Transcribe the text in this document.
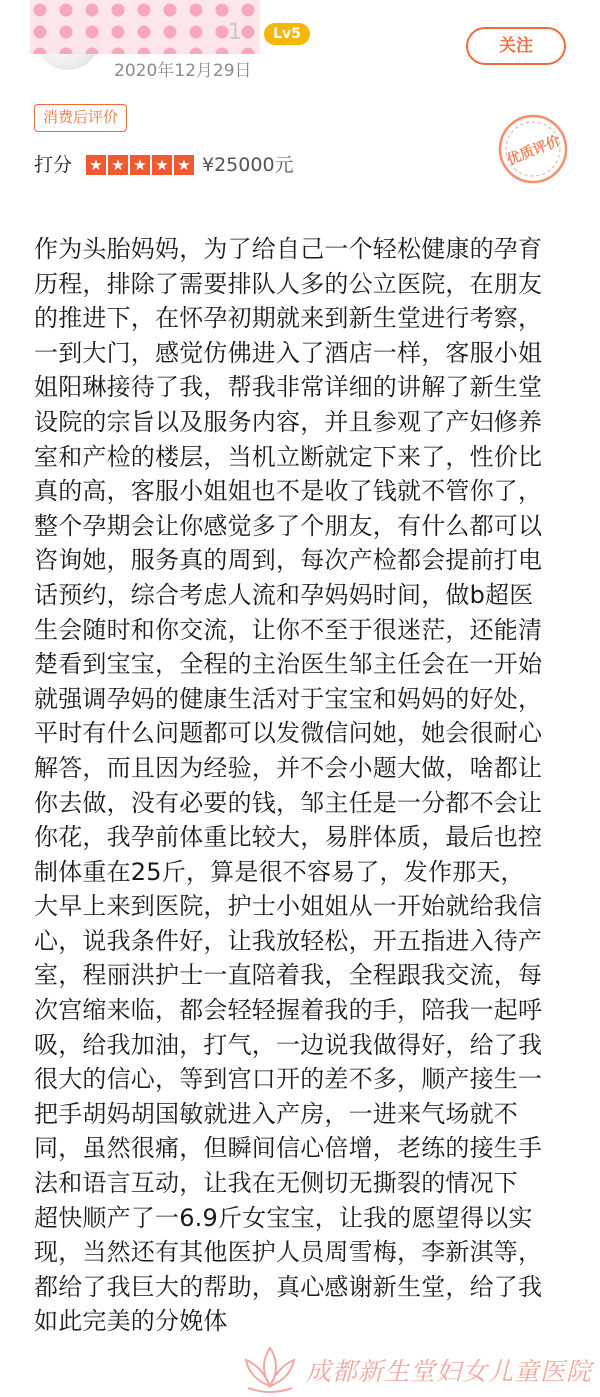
1	Lv5
2020年12月29日
关注
消费后评价
优质评价
打分 ★ ★ ★ ★ ★ ¥25000元
作为头胎妈妈，为了给自己一个轻松健康的孕育
历程，排除了需要排队人多的公立医院，在朋友
的推进下，在怀孕初期就来到新生堂进行考察，
一到大门，感觉仿佛进入了酒店一样，客服小姐
姐阳琳接待了我，帮我非常详细的讲解了新生堂
设院的宗旨以及服务内容，并且参观了产妇修养
室和产检的楼层，当机立断就定下来了，性价比
真的高，客服小姐姐也不是收了钱就不管你了，
整个孕期会让你感觉多了个朋友，有什么都可以
咨询她，服务真的周到，每次产检都会提前打电
话预约，综合考虑人流和孕妈妈时间，做b超医
生会随时和你交流，让你不至于很迷茫，还能清
楚看到宝宝，全程的主治医生邹主任会在一开始
就强调孕妈的健康生活对于宝宝和妈妈的好处，
平时有什么问题都可以发微信问她，她会很耐心
解答，而且因为经验，并不会小题大做，啥都让
你去做，没有必要的钱，邹主任是一分都不会让
你花，我孕前体重比较大，易胖体质，最后也控
制体重在25斤，算是很不容易了，发作那天，
大早上来到医院，护士小姐姐从一开始就给我信
心，说我条件好，让我放轻松，开五指进入待产
室，程丽洪护士一直陪着我，全程跟我交流，每
次宫缩来临，都会轻轻握着我的手，陪我一起呼
吸，给我加油，打气，一边说我做得好，给了我
很大的信心，等到宫口开的差不多，顺产接生一
把手胡妈胡国敏就进入产房，一进来气场就不
同，虽然很痛，但瞬间信心倍增，老练的接生手
法和语言互动，让我在无侧切无撕裂的情况下
超快顺产了一6.9斤女宝宝，让我的愿望得以实
现，当然还有其他医护人员周雪梅，李新淇等，
都给了我巨大的帮助，真心感谢新生堂，给了我
如此完美的分娩体
成都新生堂妇女儿童医院
